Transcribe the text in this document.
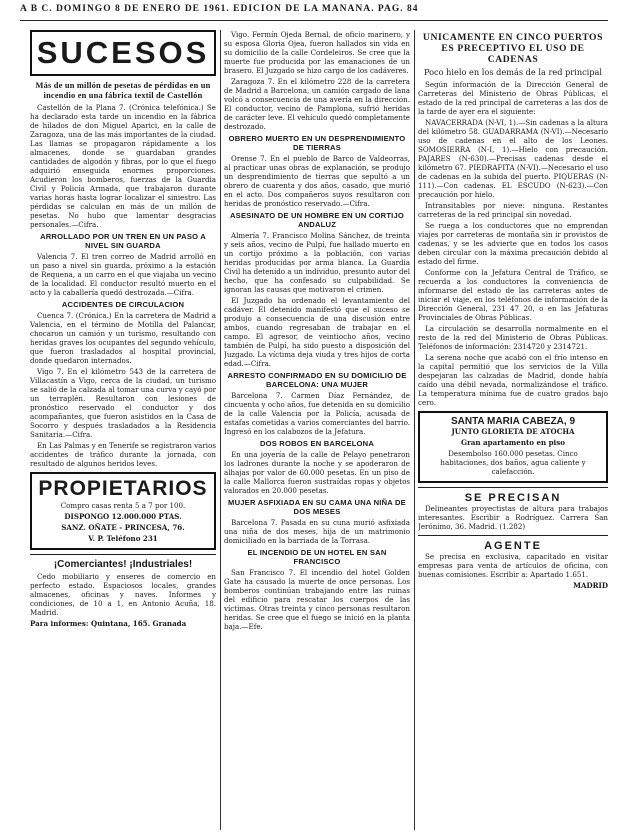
A B C. DOMINGO 8 DE ENERO DE 1961. EDICION DE LA MAÑANA. PAG. 84
SUCESOS
Más de un millón de pesetas de pérdidas en un incendio en una fábrica textil de Castellón

Castellón de la Plana 7. (Crónica telefónica.) Se ha declarado esta tarde un incendio en la fábrica de hilados de don Miguel Aparici, en la calle de Zaragoza, una de las más importantes de la ciudad. Las llamas se propagaron rápidamente a los almacenes, donde se guardaban grandes cantidades de algodón y fibras, por lo que el fuego adquirió enseguida enormes proporciones. Acudieron los bomberos, fuerzas de la Guardia Civil y Policía Armada, que trabajaron durante varias horas hasta lograr localizar el siniestro. Las pérdidas se calculan en más de un millón de pesetas. No hubo que lamentar desgracias personales.—Cifra.

ARROLLADO POR UN TREN EN UN PASO A NIVEL SIN GUARDA

Valencia 7. El tren correo de Madrid arrolló en un paso a nivel sin guarda, próximo a la estación de Requena, a un carro en el que viajaba un vecino de la localidad. El conductor resultó muerto en el acto y la caballería quedó destrozada.—Cifra.

ACCIDENTES DE CIRCULACION

Cuenca 7. (Crónica.) En la carretera de Madrid a Valencia, en el término de Motilla del Palancar, chocaron un camión y un turismo, resultando con heridas graves los ocupantes del segundo vehículo, que fueron trasladados al hospital provincial, donde quedaron internados.

Vigo 7. En el kilómetro 543 de la carretera de Villacastín a Vigo, cerca de la ciudad, un turismo se salió de la calzada al tomar una curva y cayó por un terraplén. Resultaron con lesiones de pronóstico reservado el conductor y dos acompañantes, que fueron asistidos en la Casa de Socorro y después trasladados a la Residencia Sanitaria.—Cifra.

En Las Palmas y en Tenerife se registraron varios accidentes de tráfico durante la jornada, con resultado de algunos heridos leves.

PROPIETARIOS

Compro casas renta 5 a 7 por 100.

DISPONGO 12.000.000 PTAS.

SANZ. OÑATE - PRINCESA, 76.

V. P. Teléfono 231

¡Comerciantes! ¡Industriales!

Cedo mobiliario y enseres de comercio en perfecto estado. Espaciosos locales, grandes almacenes, oficinas y naves. Informes y condiciones, de 10 a 1, en Antonio Acuña, 18. Madrid.

Para informes: Quintana, 165. Granada

Vigo. Fermín Ojeda Bernal, de oficio marinero, y su esposa Gloria Ojea, fueron hallados sin vida en su domicilio de la calle Cordeleiros. Se cree que la muerte fue producida por las emanaciones de un brasero. El Juzgado se hizo cargo de los cadáveres.

Zaragoza 7. En el kilómetro 228 de la carretera de Madrid a Barcelona, un camión cargado de lana volcó a consecuencia de una avería en la dirección. El conductor, vecino de Pamplona, sufrió heridas de carácter leve. El vehículo quedó completamente destrozado.

OBRERO MUERTO EN UN DESPRENDIMIENTO DE TIERRAS

Orense 7. En el pueblo de Barco de Valdeorras, al practicar unas obras de explanación, se produjo un desprendimiento de tierras que sepultó a un obrero de cuarenta y dos años, casado, que murió en el acto. Dos compañeros suyos resultaron con heridas de pronóstico reservado.—Cifra.

ASESINATO DE UN HOMBRE EN UN CORTIJO ANDALUZ

Almería 7. Francisco Molina Sánchez, de treinta y seis años, vecino de Pulpí, fue hallado muerto en un cortijo próximo a la población, con varias heridas producidas por arma blanca. La Guardia Civil ha detenido a un individuo, presunto autor del hecho, que ha confesado su culpabilidad. Se ignoran las causas que motivaron el crimen.

El Juzgado ha ordenado el levantamiento del cadáver. El detenido manifestó que el suceso se produjo a consecuencia de una discusión entre ambos, cuando regresaban de trabajar en el campo. El agresor, de veintiocho años, vecino también de Pulpí, ha sido puesto a disposición del Juzgado. La víctima deja viuda y tres hijos de corta edad.—Cifra.

ARRESTO CONFIRMADO EN SU DOMICILIO DE BARCELONA: UNA MUJER

Barcelona 7. Carmen Díaz Fernández, de cincuenta y ocho años, fue detenida en su domicilio de la calle Valencia por la Policía, acusada de estafas cometidas a varios comerciantes del barrio. Ingresó en los calabozos de la Jefatura.

DOS ROBOS EN BARCELONA

En una joyería de la calle de Pelayo penetraron los ladrones durante la noche y se apoderaron de alhajas por valor de 60.000 pesetas. En un piso de la calle Mallorca fueron sustraídas ropas y objetos valorados en 20.000 pesetas.

MUJER ASFIXIADA EN SU CAMA UNA NIÑA DE DOS MESES

Barcelona 7. Pasada en su cuna murió asfixiada una niña de dos meses, hija de un matrimonio domiciliado en la barriada de la Torrasa.

EL INCENDIO DE UN HOTEL EN SAN FRANCISCO

San Francisco 7. El incendio del hotel Golden Gate ha causado la muerte de once personas. Los bomberos continúan trabajando entre las ruinas del edificio para rescatar los cuerpos de las víctimas. Otras treinta y cinco personas resultaron heridas. Se cree que el fuego se inició en la planta baja.—Efe.

UNICAMENTE EN CINCO PUERTOS ES PRECEPTIVO EL USO DE CADENAS
Poco hielo en los demás de la red principal

Según información de la Dirección General de Carreteras del Ministerio de Obras Públicas, el estado de la red principal de carreteras a las dos de la tarde de ayer era el siguiente:

NAVACERRADA (N-VI, 1).—Sin cadenas a la altura del kilómetro 58. GUADARRAMA (N-VI).—Necesario uso de cadenas en el alto de los Leones. SOMOSIERRA (N-I, 1).—Hielo con precaución. PAJARES (N-630).—Precisas cadenas desde el kilómetro 67. PIEDRAFITA (N-VI).—Necesario el uso de cadenas en la subida del puerto. PIQUERAS (N-111).—Con cadenas. EL ESCUDO (N-623).—Con precaución por hielo.

Intransitables por nieve: ninguna. Restantes carreteras de la red principal sin novedad.

Se ruega a los conductores que no emprendan viajes por carreteras de montaña sin ir provistos de cadenas, y se les advierte que en todos los casos deben circular con la máxima precaución debido al estado del firme.

Conforme con la Jefatura Central de Tráfico, se recuerda a los conductores la conveniencia de informarse del estado de las carreteras antes de iniciar el viaje, en los teléfonos de información de la Dirección General, 231 47 20, o en las Jefaturas Provinciales de Obras Públicas.

La circulación se desarrolla normalmente en el resto de la red del Ministerio de Obras Públicas. Teléfonos de información: 2314720 y 2314721.

La serena noche que acabó con el frío intenso en la capital permitió que los servicios de la Villa despejaran las calzadas de Madrid, donde había caído una débil nevada, normalizándose el tráfico. La temperatura mínima fue de cuatro grados bajo cero.

SANTA MARIA CABEZA, 9

JUNTO GLORIETA DE ATOCHA

Gran apartamento en piso

Desembolso 160.000 pesetas. Cinco habitaciones, dos baños, agua caliente y calefacción.

SE PRECISAN

Delineantes proyectistas de altura para trabajos interesantes. Escribir a Rodríguez. Carrera San Jerónimo, 36. Madrid. (1.282)

AGENTE

Se precisa en exclusiva, capacitado en visitar empresas para venta de artículos de oficina, con buenas comisiones. Escribir a: Apartado 1.651.

MADRID
